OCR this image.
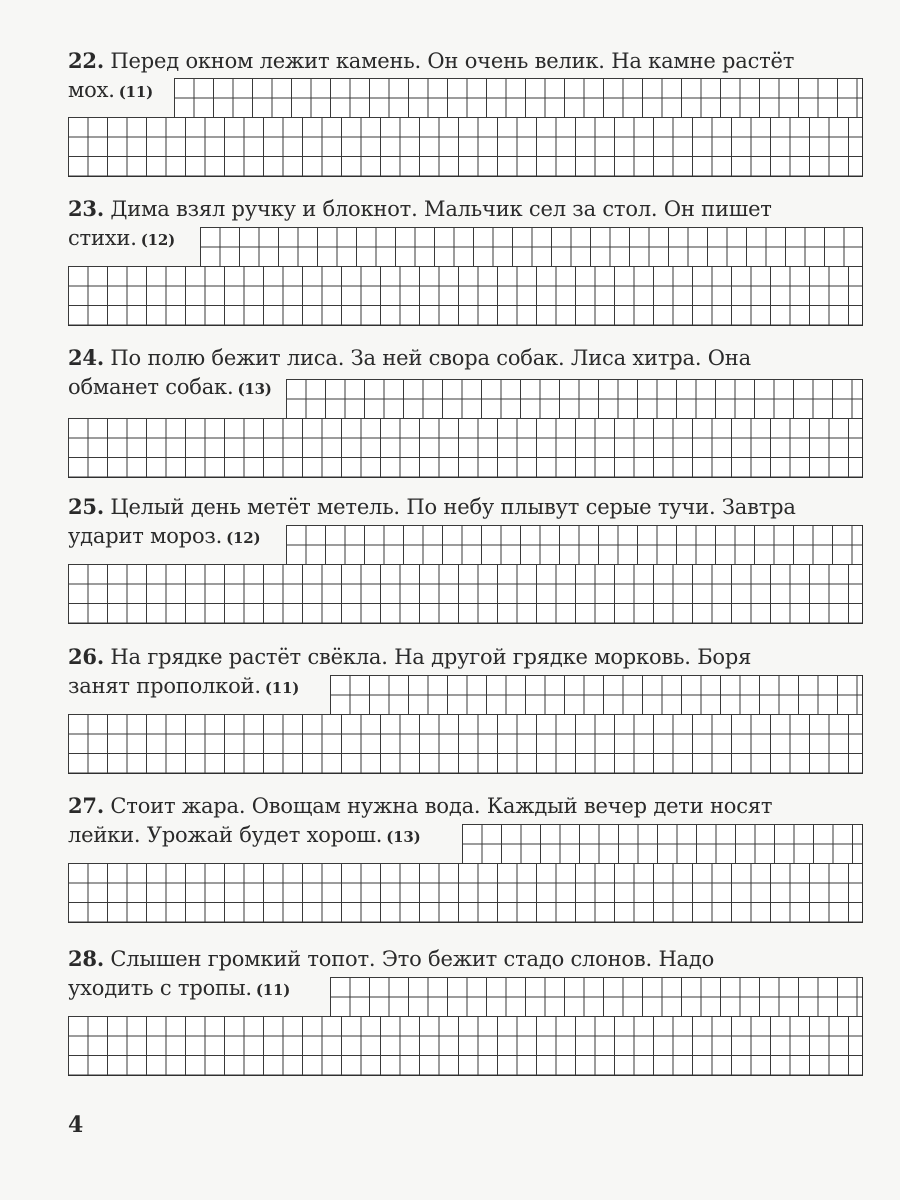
22. Перед окном лежит камень. Он очень велик. На камне растёт
мох. (11)
23. Дима взял ручку и блокнот. Мальчик сел за стол. Он пишет
стихи. (12)
24. По полю бежит лиса. За ней свора собак. Лиса хитра. Она
обманет собак. (13)
25. Целый день метёт метель. По небу плывут серые тучи. Завтра
ударит мороз. (12)
26. На грядке растёт свёкла. На другой грядке морковь. Боря
занят прополкой. (11)
27. Стоит жара. Овощам нужна вода. Каждый вечер дети носят
лейки. Урожай будет хорош. (13)
28. Слышен громкий топот. Это бежит стадо слонов. Надо
уходить с тропы. (11)
4
